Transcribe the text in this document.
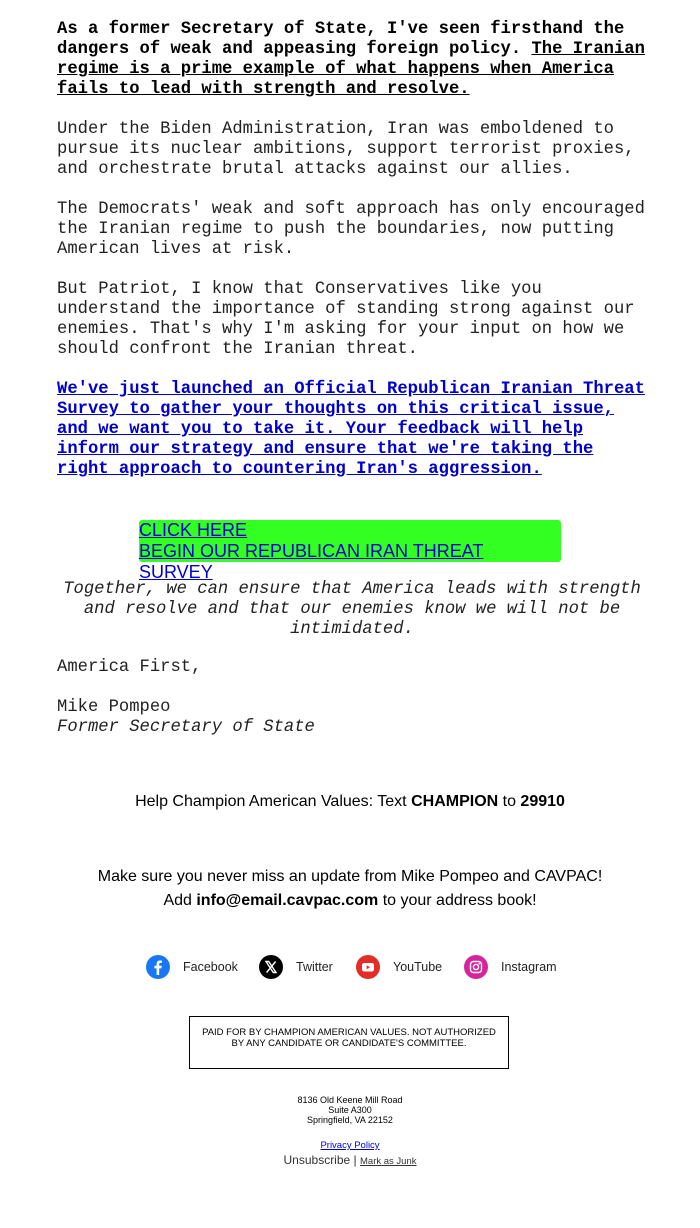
As a former Secretary of State, I've seen firsthand the dangers of weak and appeasing foreign policy. The Iranian regime is a prime example of what happens when America fails to lead with strength and resolve.

Under the Biden Administration, Iran was emboldened to pursue its nuclear ambitions, support terrorist proxies, and orchestrate brutal attacks against our allies.

The Democrats' weak and soft approach has only encouraged the Iranian regime to push the boundaries, now putting American lives at risk.

But Patriot, I know that Conservatives like you understand the importance of standing strong against our enemies. That's why I'm asking for your input on how we should confront the Iranian threat.

We've just launched an Official Republican Iranian Threat Survey to gather your thoughts on this critical issue, and we want you to take it. Your feedback will help inform our strategy and ensure that we're taking the right approach to countering Iran's aggression.
CLICK HERE
BEGIN OUR REPUBLICAN IRAN THREAT SURVEY
Together, we can ensure that America leads with strength and resolve and that our enemies know we will not be intimidated.
America First,
Mike Pompeo
Former Secretary of State
Help Champion American Values: Text CHAMPION to 29910
Make sure you never miss an update from Mike Pompeo and CAVPAC!
Add info@email.cavpac.com to your address book!
Facebook	Twitter	YouTube	Instagram
PAID FOR BY CHAMPION AMERICAN VALUES. NOT AUTHORIZED BY ANY CANDIDATE OR CANDIDATE'S COMMITTEE.
8136 Old Keene Mill Road
Suite A300
Springfield, VA 22152
Privacy Policy
Unsubscribe | Mark as Junk
